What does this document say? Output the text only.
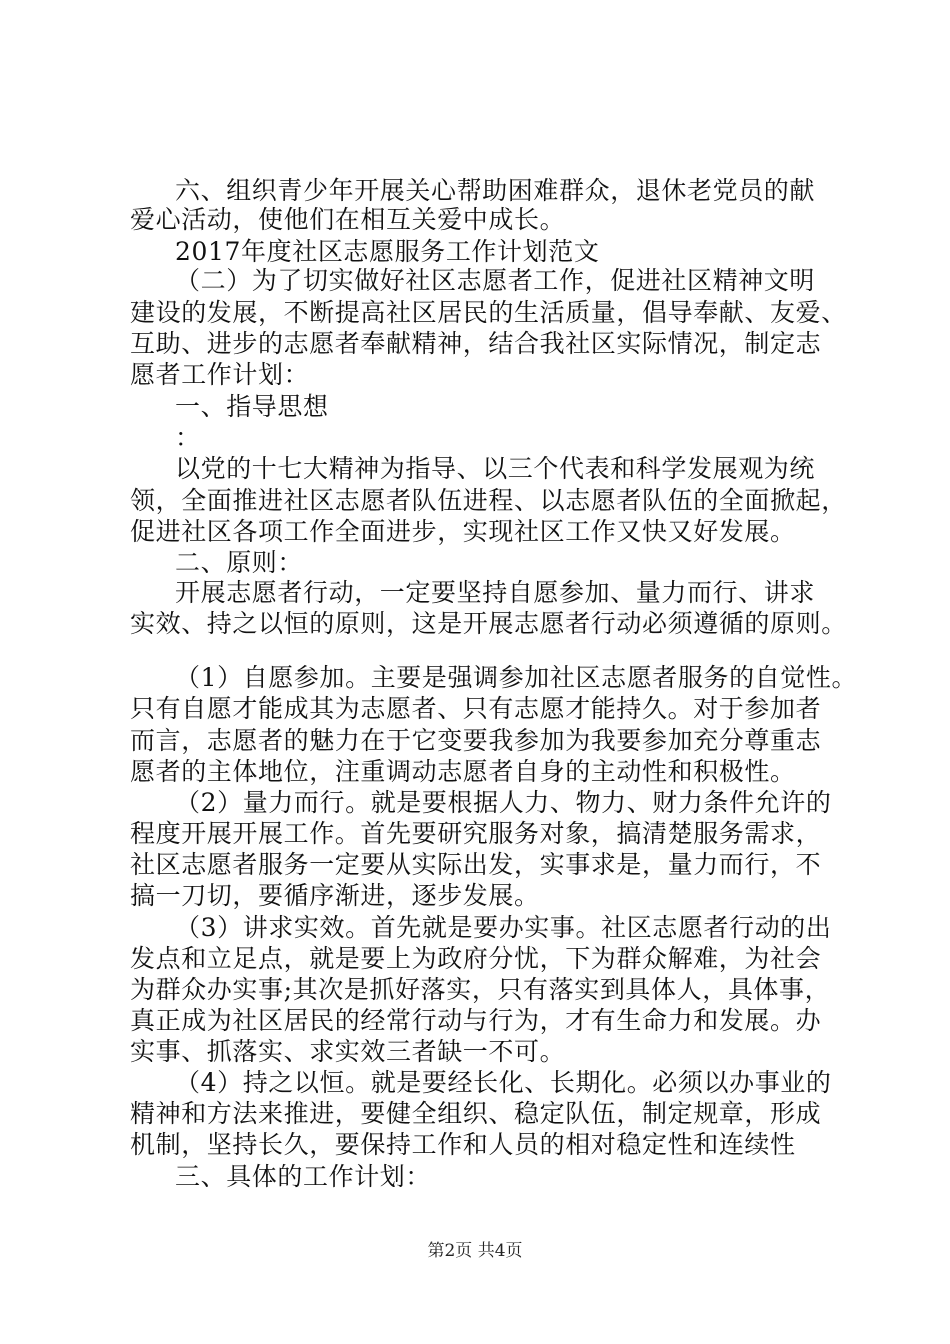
六、组织青少年开展关心帮助困难群众，退休老党员的献
爱心活动，使他们在相互关爱中成长。
2017年度社区志愿服务工作计划范文
（二）为了切实做好社区志愿者工作，促进社区精神文明
建设的发展，不断提高社区居民的生活质量，倡导奉献、友爱、
互助、进步的志愿者奉献精神，结合我社区实际情况，制定志
愿者工作计划：
一、指导思想
：
以党的十七大精神为指导、以三个代表和科学发展观为统
领，全面推进社区志愿者队伍进程、以志愿者队伍的全面掀起，
促进社区各项工作全面进步，实现社区工作又快又好发展。
二、原则：
开展志愿者行动，一定要坚持自愿参加、量力而行、讲求
实效、持之以恒的原则，这是开展志愿者行动必须遵循的原则。
（1）自愿参加。主要是强调参加社区志愿者服务的自觉性。
只有自愿才能成其为志愿者、只有志愿才能持久。对于参加者
而言，志愿者的魅力在于它变要我参加为我要参加充分尊重志
愿者的主体地位，注重调动志愿者自身的主动性和积极性。
（2）量力而行。就是要根据人力、物力、财力条件允许的
程度开展开展工作。首先要研究服务对象，搞清楚服务需求，
社区志愿者服务一定要从实际出发，实事求是，量力而行，不
搞一刀切，要循序渐进，逐步发展。
（3）讲求实效。首先就是要办实事。社区志愿者行动的出
发点和立足点，就是要上为政府分忧，下为群众解难，为社会
为群众办实事;其次是抓好落实，只有落实到具体人，具体事，
真正成为社区居民的经常行动与行为，才有生命力和发展。办
实事、抓落实、求实效三者缺一不可。
（4）持之以恒。就是要经长化、长期化。必须以办事业的
精神和方法来推进，要健全组织、稳定队伍，制定规章，形成
机制，坚持长久，要保持工作和人员的相对稳定性和连续性
三、具体的工作计划：
第2页 共4页
